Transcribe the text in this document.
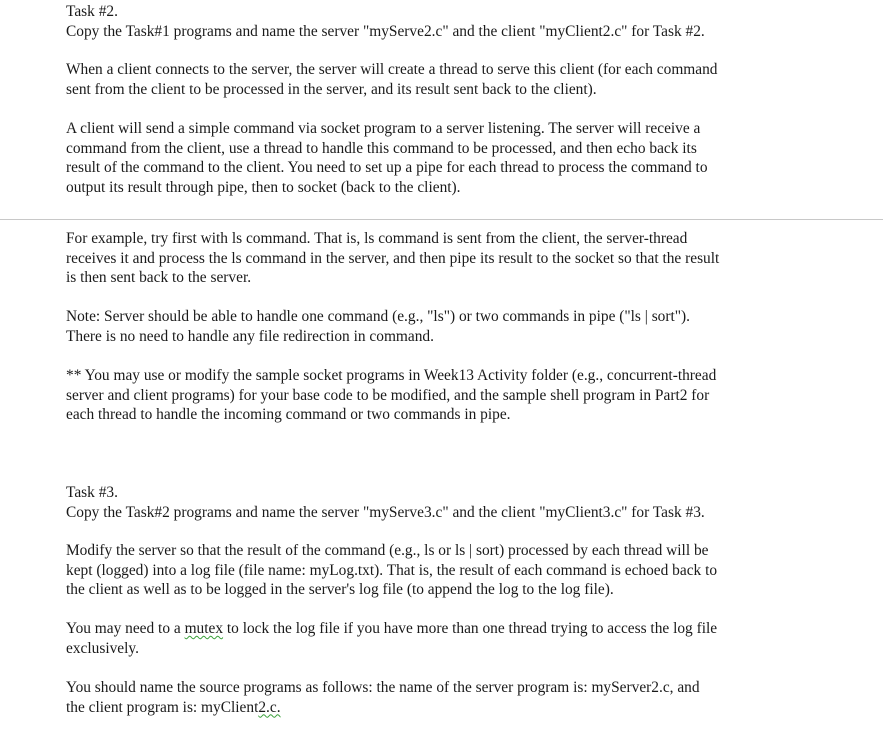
Task #2.
Copy the Task#1 programs and name the server "myServe2.c" and the client "myClient2.c" for Task #2.
When a client connects to the server, the server will create a thread to serve this client (for each command
sent from the client to be processed in the server, and its result sent back to the client).
A client will send a simple command via socket program to a server listening. The server will receive a
command from the client, use a thread to handle this command to be processed, and then echo back its
result of the command to the client. You need to set up a pipe for each thread to process the command to
output its result through pipe, then to socket (back to the client).
For example, try first with ls command. That is, ls command is sent from the client, the server-thread
receives it and process the ls command in the server, and then pipe its result to the socket so that the result
is then sent back to the server.
Note: Server should be able to handle one command (e.g., "ls") or two commands in pipe ("ls | sort").
There is no need to handle any file redirection in command.
** You may use or modify the sample socket programs in Week13 Activity folder (e.g., concurrent-thread
server and client programs) for your base code to be modified, and the sample shell program in Part2 for
each thread to handle the incoming command or two commands in pipe.
Task #3.
Copy the Task#2 programs and name the server "myServe3.c" and the client "myClient3.c" for Task #3.
Modify the server so that the result of the command (e.g., ls or ls | sort) processed by each thread will be
kept (logged) into a log file (file name: myLog.txt). That is, the result of each command is echoed back to
the client as well as to be logged in the server's log file (to append the log to the log file).
You may need to a mutex to lock the log file if you have more than one thread trying to access the log file
exclusively.
You should name the source programs as follows: the name of the server program is: myServer2.c, and
the client program is: myClient2.c.
